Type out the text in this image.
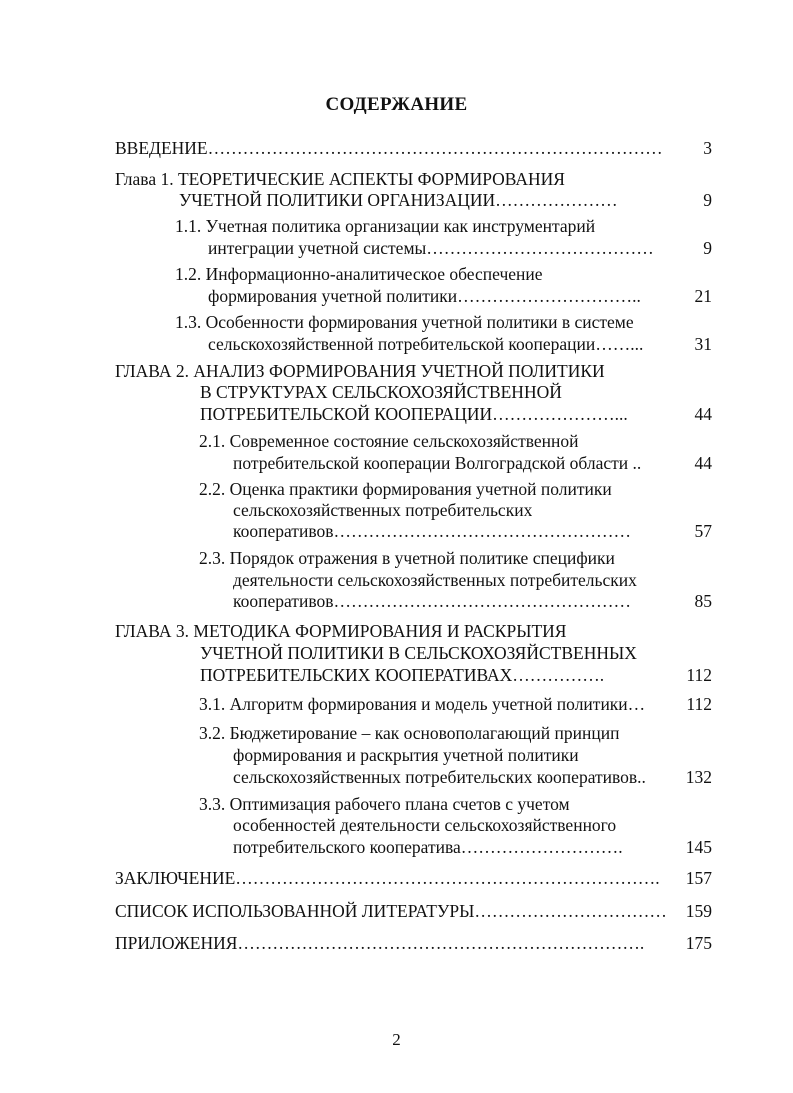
СОДЕРЖАНИЕ
ВВЕДЕНИЕ……………………………………………………………………	3
Глава 1. ТЕОРЕТИЧЕСКИЕ АСПЕКТЫ ФОРМИРОВАНИЯ
УЧЕТНОЙ ПОЛИТИКИ ОРГАНИЗАЦИИ…………………	9
1.1. Учетная политика организации как инструментарий
интеграции учетной системы…………………………………	9
1.2. Информационно-аналитическое обеспечение
формирования учетной политики…………………………..	21
1.3. Особенности формирования учетной политики в системе
сельскохозяйственной потребительской кооперации……...	31
ГЛАВА 2. АНАЛИЗ ФОРМИРОВАНИЯ УЧЕТНОЙ ПОЛИТИКИ
В СТРУКТУРАХ СЕЛЬСКОХОЗЯЙСТВЕННОЙ
ПОТРЕБИТЕЛЬСКОЙ КООПЕРАЦИИ…………………...	44
2.1. Современное состояние сельскохозяйственной
потребительской кооперации Волгоградской области ..	44
2.2. Оценка практики формирования учетной политики
сельскохозяйственных потребительских
кооперативов……………………………………………	57
2.3. Порядок отражения в учетной политике специфики
деятельности сельскохозяйственных потребительских
кооперативов……………………………………………	85
ГЛАВА 3. МЕТОДИКА ФОРМИРОВАНИЯ И РАСКРЫТИЯ
УЧЕТНОЙ ПОЛИТИКИ В СЕЛЬСКОХОЗЯЙСТВЕННЫХ
ПОТРЕБИТЕЛЬСКИХ КООПЕРАТИВАХ…………….	112
3.1. Алгоритм формирования и модель учетной политики…	112
3.2. Бюджетирование – как основополагающий принцип
формирования и раскрытия учетной политики
сельскохозяйственных потребительских кооперативов..	132
3.3. Оптимизация рабочего плана счетов с учетом
особенностей деятельности сельскохозяйственного
потребительского кооператива……………………….	145
ЗАКЛЮЧЕНИЕ……………………………………………………………….	157
СПИСОК ИСПОЛЬЗОВАННОЙ ЛИТЕРАТУРЫ……………………………	159
ПРИЛОЖЕНИЯ…………………………………………………………….	175
2
